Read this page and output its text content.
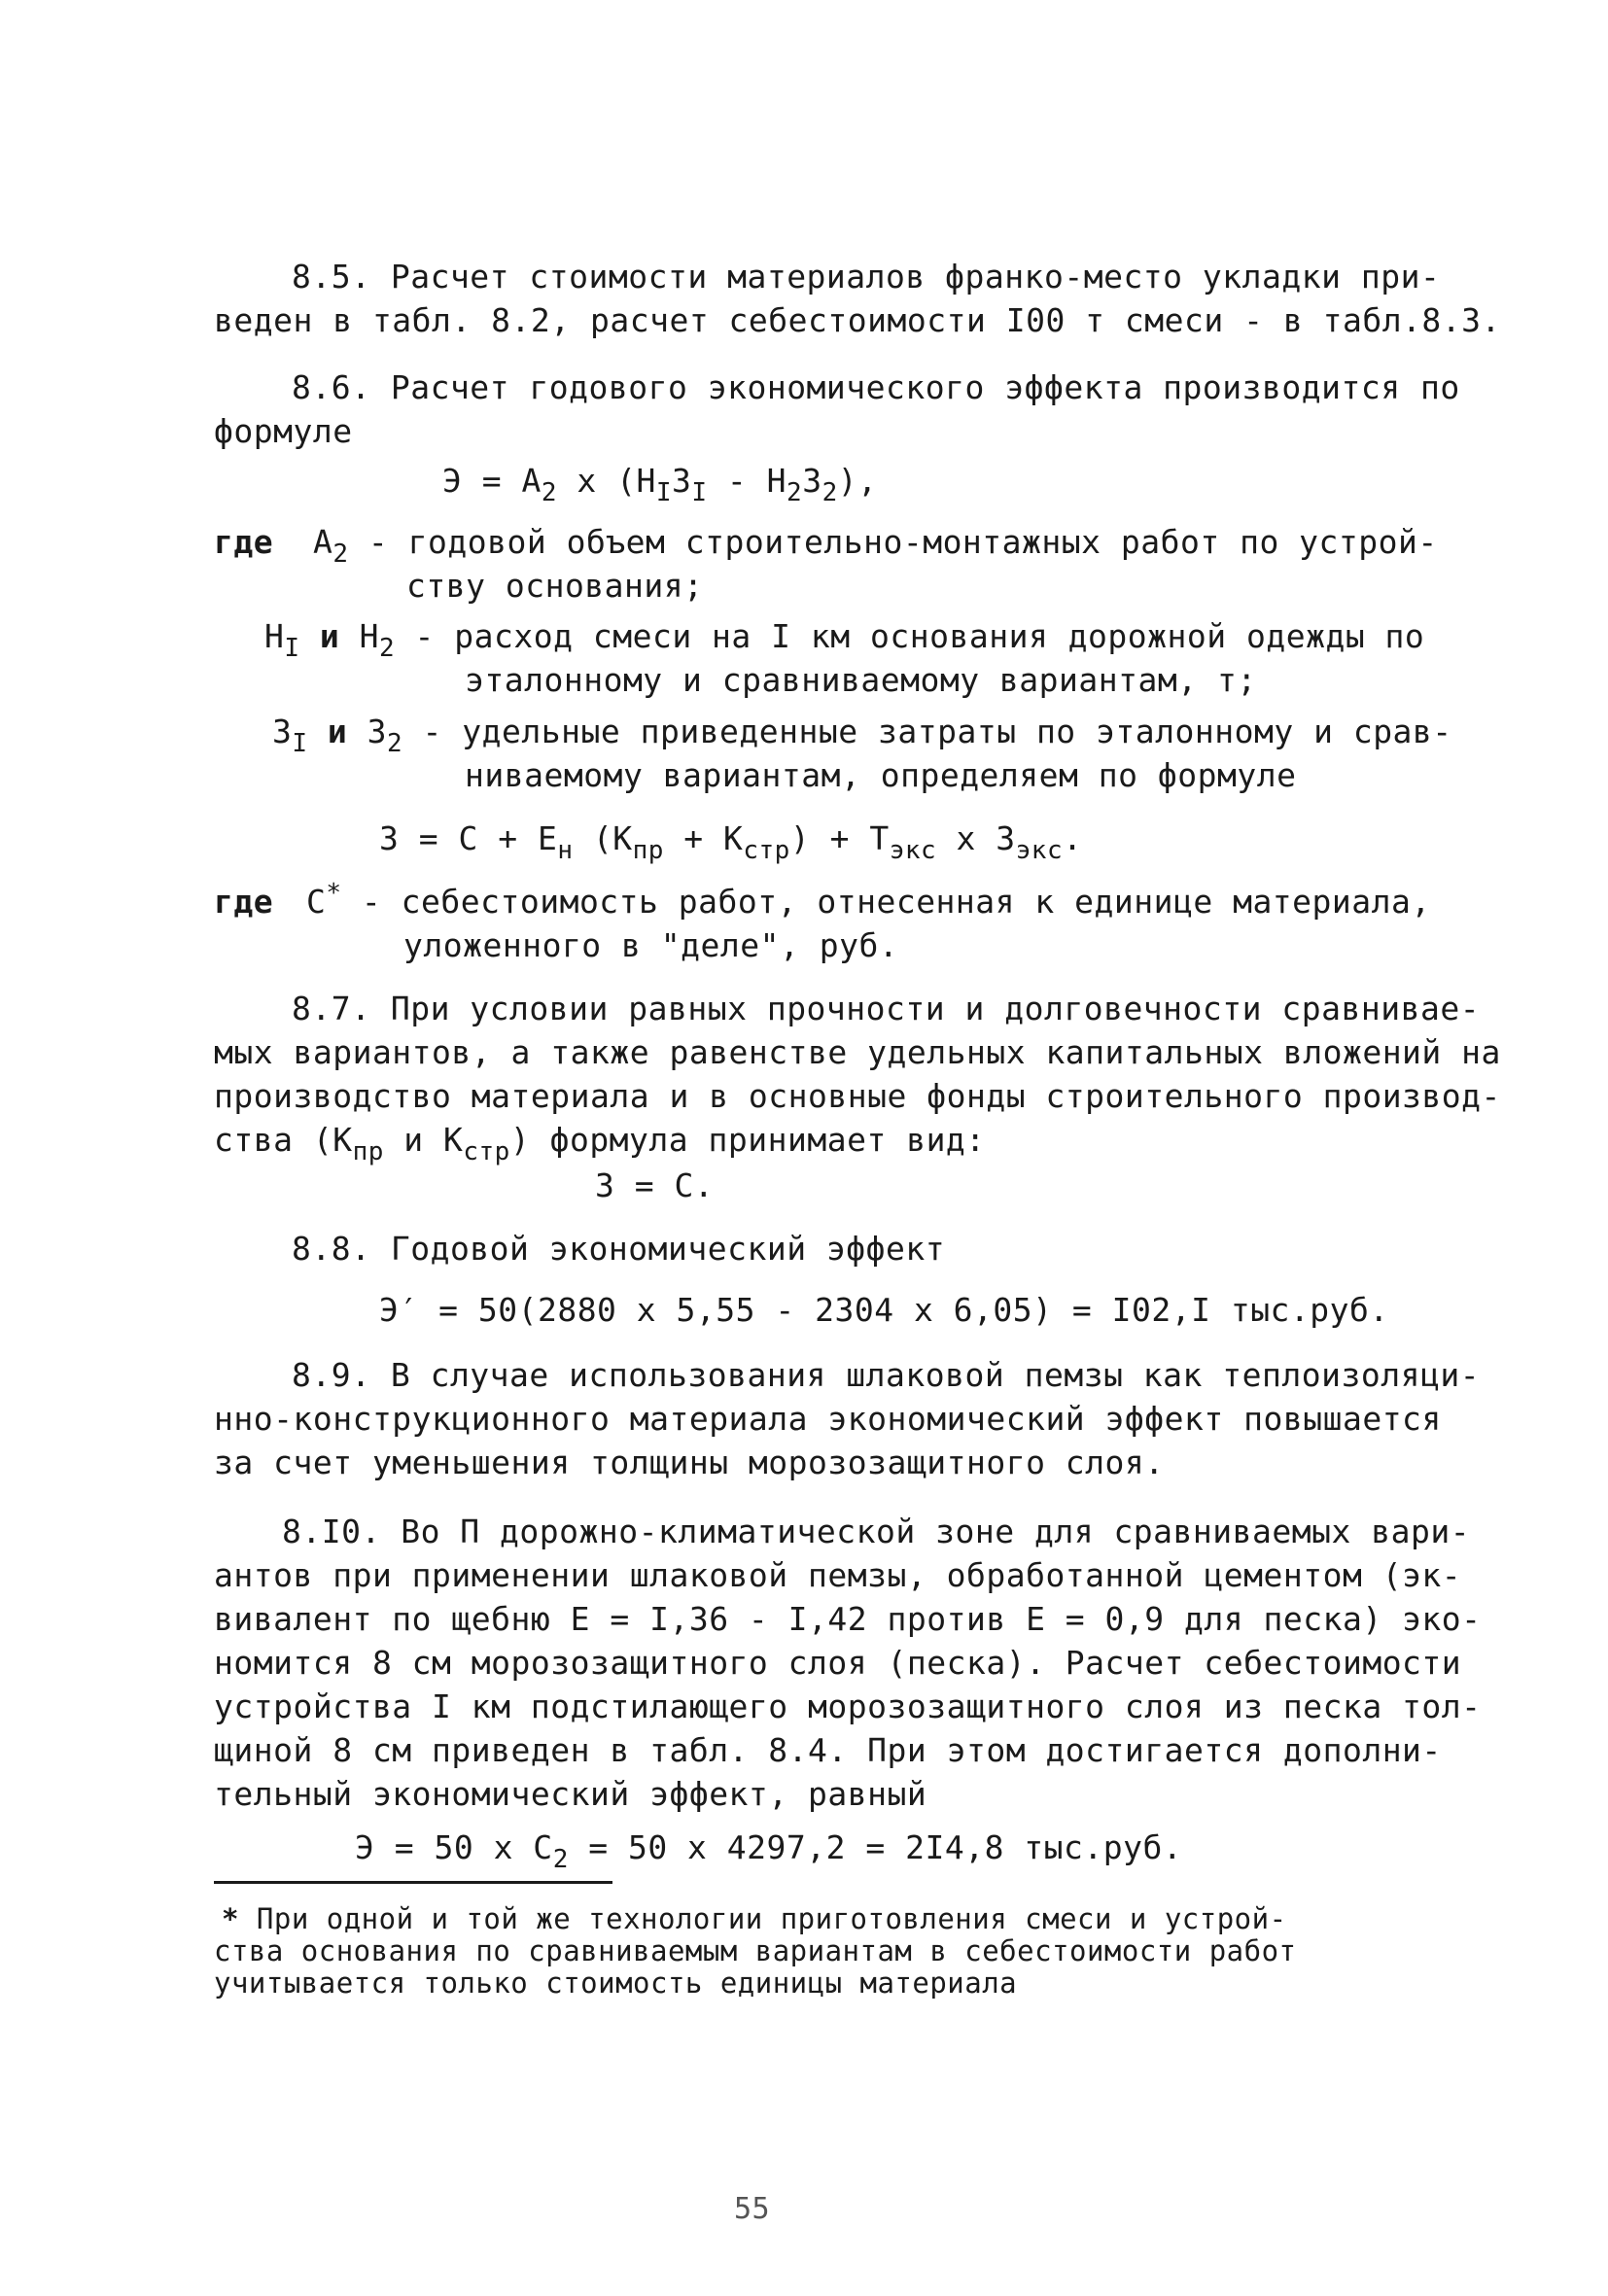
8.5. Расчет стоимости материалов франко-место укладки при-
веден в табл. 8.2, расчет себестоимости I00 т смеси - в табл.8.3.
8.6. Расчет годового экономического эффекта производится по
формуле
$Э = А_2$ х $(Н_IЗ_I - Н_2З_2)$,
где $А_2$ - годовой объем строительно-монтажных работ по устрой-
ству основания;
$Н_I$ и $Н_2$ - расход смеси на I км основания дорожной одежды по
эталонному и сравниваемому вариантам, т;
$З_I$ и $З_2$ - удельные приведенные затраты по эталонному и срав-
ниваемому вариантам, определяем по формуле
$З = С + Е_н$ $(К_{пр} + К_{стр}) + Т_{экс}$ х $З_{экс}$.
где С* - себестоимость работ, отнесенная к единице материала,
уложенного в "деле", руб.
8.7. При условии равных прочности и долговечности сравнивае-
мых вариантов, а также равенстве удельных капитальных вложений на
производство материала и в основные фонды строительного производ-
ства ($К_{пр}$ и $К_{стр}$) формула принимает вид:
З = С.
8.8. Годовой экономический эффект
Э′ = 50(2880 х 5,55 - 2304 х 6,05) = I02,I тыс.руб.
8.9. В случае использования шлаковой пемзы как теплоизоляци-
нно-конструкционного материала экономический эффект повышается
за счет уменьшения толщины морозозащитного слоя.
8.I0. Во П дорожно-климатической зоне для сравниваемых вари-
антов при применении шлаковой пемзы, обработанной цементом (эк-
вивалент по щебню Е = I,36 - I,42 против Е = 0,9 для песка) эко-
номится 8 см морозозащитного слоя (песка). Расчет себестоимости
устройства I км подстилающего морозозащитного слоя из песка тол-
щиной 8 см приведен в табл. 8.4. При этом достигается дополни-
тельный экономический эффект, равный
Э = 50 х $С_2 = 50$ х 4297,2 = 2I4,8 тыс.руб.
* При одной и той же технологии приготовления смеси и устрой-
ства основания по сравниваемым вариантам в себестоимости работ
учитывается только стоимость единицы материала
55
